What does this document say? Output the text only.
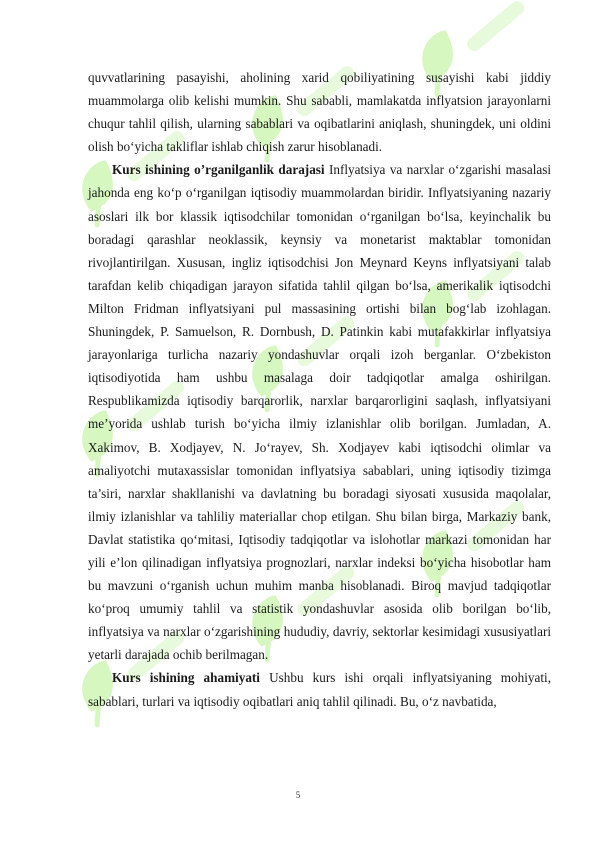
quvvatlarining pasayishi, aholining xarid qobiliyatining susayishi kabi jiddiy muammolarga olib kelishi mumkin. Shu sababli, mamlakatda inflyatsion jarayonlarni chuqur tahlil qilish, ularning sabablari va oqibatlarini aniqlash, shuningdek, uni oldini olish bo‘yicha takliflar ishlab chiqish zarur hisoblanadi.

Kurs ishining o’rganilganlik darajasi Inflyatsiya va narxlar o‘zgarishi masalasi jahonda eng ko‘p o‘rganilgan iqtisodiy muammolardan biridir. Inflyatsiyaning nazariy asoslari ilk bor klassik iqtisodchilar tomonidan o‘rganilgan bo‘lsa, keyinchalik bu boradagi qarashlar neoklassik, keynsiy va monetarist maktablar tomonidan rivojlantirilgan. Xususan, ingliz iqtisodchisi Jon Meynard Keyns inflyatsiyani talab tarafdan kelib chiqadigan jarayon sifatida tahlil qilgan bo‘lsa, amerikalik iqtisodchi Milton Fridman inflyatsiyani pul massasining ortishi bilan bog‘lab izohlagan. Shuningdek, P. Samuelson, R. Dornbush, D. Patinkin kabi mutafakkirlar inflyatsiya jarayonlariga turlicha nazariy yondashuvlar orqali izoh berganlar. O‘zbekiston iqtisodiyotida ham ushbu masalaga doir tadqiqotlar amalga oshirilgan. Respublikamizda iqtisodiy barqarorlik, narxlar barqarorligini saqlash, inflyatsiyani me’yorida ushlab turish bo‘yicha ilmiy izlanishlar olib borilgan. Jumladan, A. Xakimov, B. Xodjayev, N. Jo‘rayev, Sh. Xodjayev kabi iqtisodchi olimlar va amaliyotchi mutaxassislar tomonidan inflyatsiya sabablari, uning iqtisodiy tizimga ta’siri, narxlar shakllanishi va davlatning bu boradagi siyosati xususida maqolalar, ilmiy izlanishlar va tahliliy materiallar chop etilgan. Shu bilan birga, Markaziy bank, Davlat statistika qo‘mitasi, Iqtisodiy tadqiqotlar va islohotlar markazi tomonidan har yili e’lon qilinadigan inflyatsiya prognozlari, narxlar indeksi bo‘yicha hisobotlar ham bu mavzuni o‘rganish uchun muhim manba hisoblanadi. Biroq mavjud tadqiqotlar ko‘proq umumiy tahlil va statistik yondashuvlar asosida olib borilgan bo‘lib, inflyatsiya va narxlar o‘zgarishining hududiy, davriy, sektorlar kesimidagi xususiyatlari yetarli darajada ochib berilmagan.

Kurs ishining ahamiyati Ushbu kurs ishi orqali inflyatsiyaning mohiyati, sabablari, turlari va iqtisodiy oqibatlari aniq tahlil qilinadi. Bu, o‘z navbatida,

5
